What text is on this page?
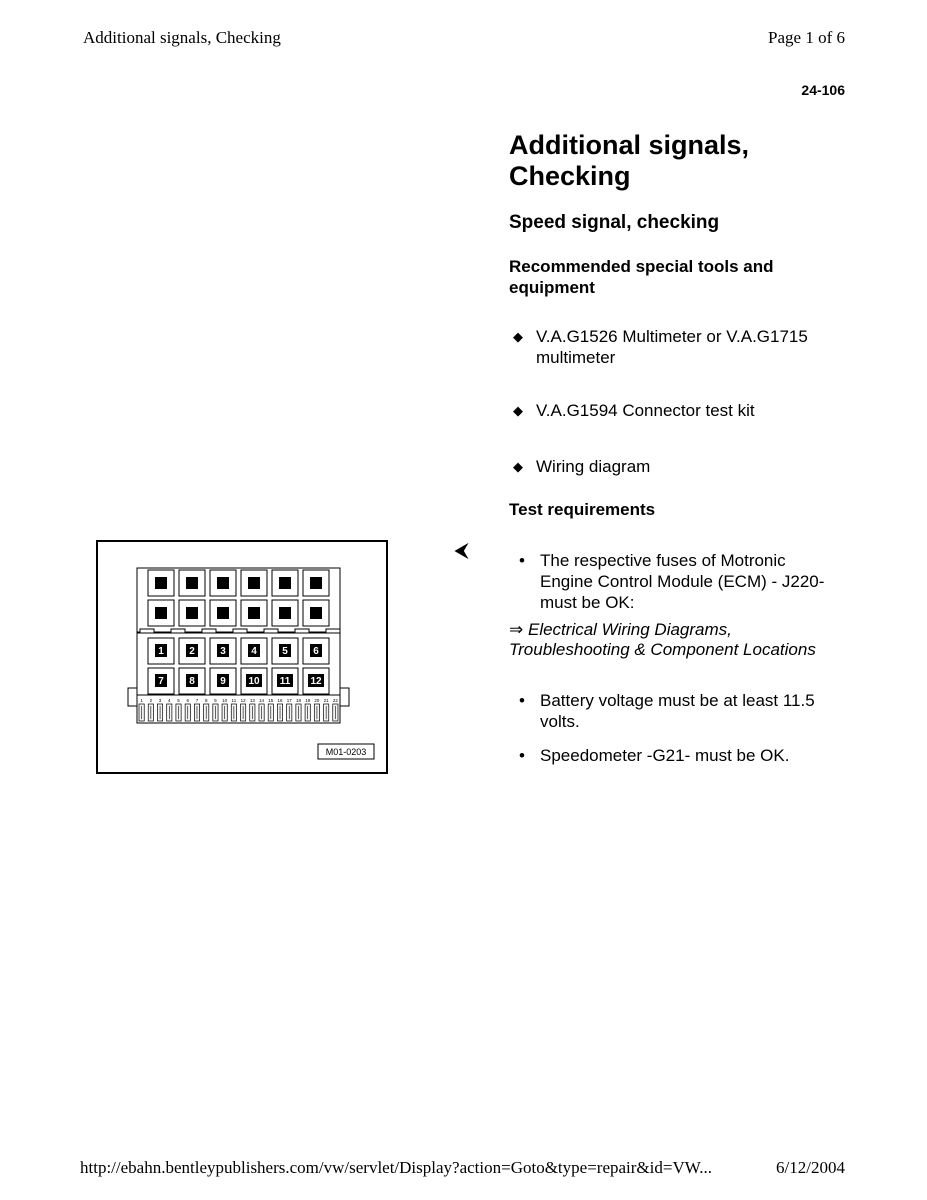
Additional signals, Checking	Page 1 of 6
24-106
Additional signals, Checking
Speed signal, checking
Recommended special tools and equipment
◆ V.A.G1526 Multimeter or V.A.G1715 multimeter
◆ V.A.G1594 Connector test kit
◆ Wiring diagram
Test requirements
⮜
• The respective fuses of Motronic Engine Control Module (ECM) - J220- must be OK:
⇒ Electrical Wiring Diagrams, Troubleshooting & Component Locations
• Battery voltage must be at least 11.5 volts.
• Speedometer -G21- must be OK.
1	2	3	4	5	6
7	8	9 10 11 12
1 2 3 4 5 6 7 8 9 10 11 12 13 14 15 16 17 18 19 20 21 22
M01-0203
http://ebahn.bentleypublishers.com/vw/servlet/Display?action=Goto&type=repair&id=VW...	6/12/2004
